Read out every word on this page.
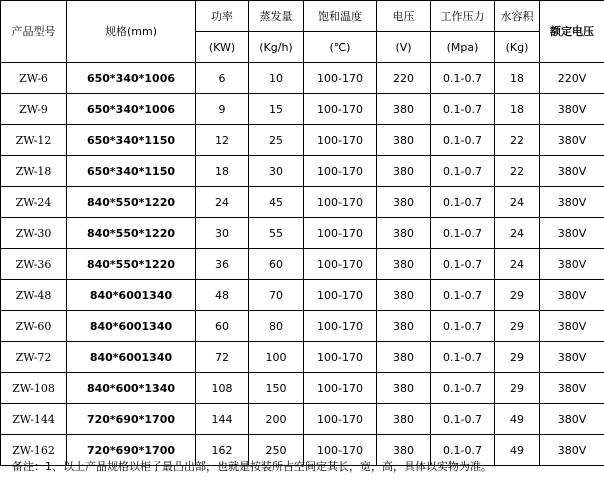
产品型号	规格(mm)	功率	蒸发量	饱和温度	电压	工作压力	水容积	额定电压
		(KW)	(Kg/h)	(℃)	(V)	(Mpa)	(Kg)	
ZW-6	650*340*1006	6	10	100-170	220	0.1-0.7	18	220V
ZW-9	650*340*1006	9	15	100-170	380	0.1-0.7	18	380V
ZW-12	650*340*1150	12	25	100-170	380	0.1-0.7	22	380V
ZW-18	650*340*1150	18	30	100-170	380	0.1-0.7	22	380V
ZW-24	840*550*1220	24	45	100-170	380	0.1-0.7	24	380V
ZW-30	840*550*1220	30	55	100-170	380	0.1-0.7	24	380V
ZW-36	840*550*1220	36	60	100-170	380	0.1-0.7	24	380V
ZW-48	840*6001340	48	70	100-170	380	0.1-0.7	29	380V
ZW-60	840*6001340	60	80	100-170	380	0.1-0.7	29	380V
ZW-72	840*6001340	72	100	100-170	380	0.1-0.7	29	380V
ZW-108	840*600*1340	108	150	100-170	380	0.1-0.7	29	380V
ZW-144	720*690*1700	144	200	100-170	380	0.1-0.7	49	380V
ZW-162	720*690*1700	162	250	100-170	380	0.1-0.7	49	380V
备注：1、以上产品规格以柜子最凸出部，也就是按装所占空间定其长，宽，高，具体以实物为准。
